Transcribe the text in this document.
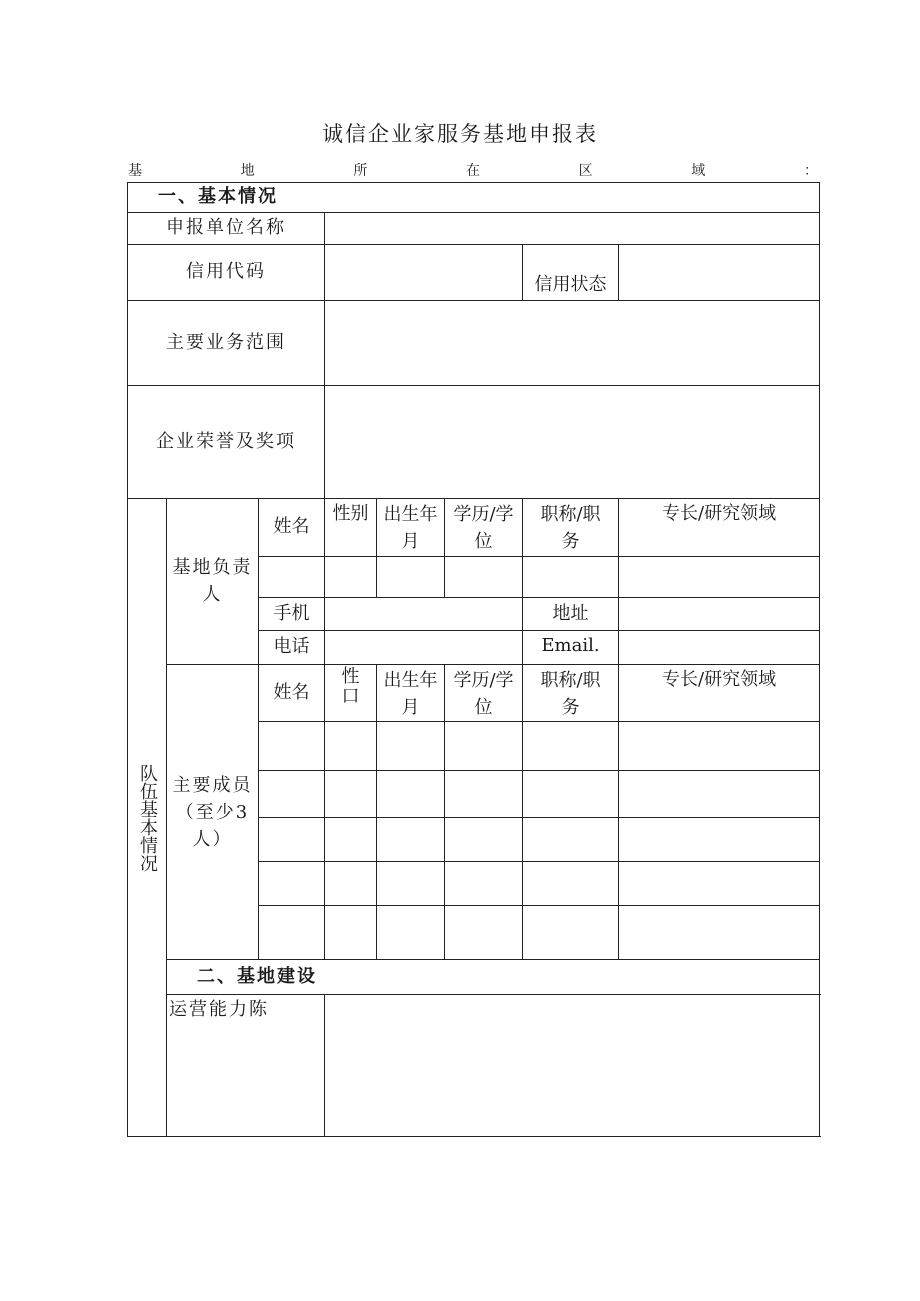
诚信企业家服务基地申报表
基	地	所	在	区	域	：
一、基本情况							
申报单位名称							
信用代码						信用状态	
主要业务范围							
企业荣誉及奖项							
队伍基本情况	基地负责人	姓名	性别	出生年月	学历/学位	职称/职务	专长/研究领域

		手机				地址	
		电话				Email.	
	主要成员（至少3人）	姓名	性口	出生年月	学历/学位	职称/职务	专长/研究领域

	二、基地建设						
	运营能力陈						
